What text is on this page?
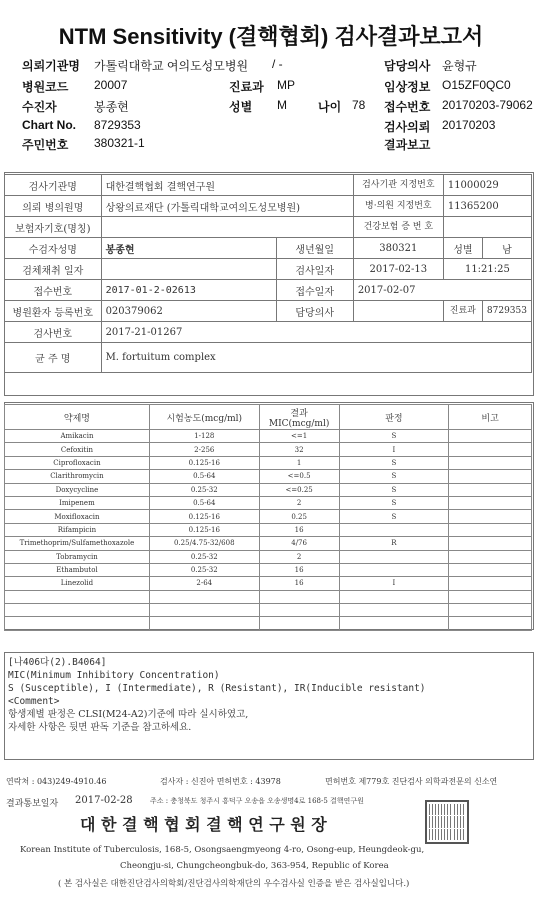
NTM Sensitivity (결핵협회) 검사결과보고서
의뢰기관명 가톨릭대학교 여의도성모병원 / -
병원코드 20007
수진자	봉종현
Chart No. 8729353
주민번호 380321-1
진료과 MP
성별 M	나이 78
담당의사 윤형규
임상정보 O15ZF0QC0
접수번호 20170203-79062
검사의뢰 20170203
결과보고
검사기관명	대한결핵협회 결핵연구원		검사기관 지정번호	11000029	
의뢰 병의원명	상왕의료재단 (가톨릭대학교여의도성모병원)		병·의원 지정번호	11365200	
보험자기호(명칭)			건강보험 증 번 호		
수검자성명	봉종현	생년월일	380321	성별	남
검체채취 일자		검사일자	2017-02-13	11:21:25	
접수번호	2017-01-2-02613	접수일자	2017-02-07		
병원환자 등록번호	020379062	담당의사		진료과	8729353
검사번호	2017-21-01267				
균 주 명	M. fortuitum complex				
약제명	시험농도(mcg/ml)	결과 MIC(mcg/ml)	판정	비고
Amikacin	1-128	<=1	S	
Cefoxitin	2-256	32	I	
Ciprofloxacin	0.125-16	1	S	
Clarithromycin	0.5-64	<=0.5	S	
Doxycycline	0.25-32	<=0.25	S	
Imipenem	0.5-64	2	S	
Moxifloxacin	0.125-16	0.25	S	
Rifampicin	0.125-16	16		
Trimethoprim/Sulfamethoxazole	0.25/4.75-32/608	4/76	R	
Tobramycin	0.25-32	2		
Ethambutol	0.25-32	16		
Linezolid	2-64	16	I	

[나406다(2).B4064]
MIC(Minimum Inhibitory Concentration)
S (Susceptible), I (Intermediate), R (Resistant), IR(Inducible resistant)
<Comment>
항생제별 판정은 CLSI(M24-A2)기준에 따라 실시하였고,
자세한 사항은 뒷면 판독 기준을 참고하세요.
연락처 : 043)249-4910.46	검사자 : 신진아 면허번호 : 43978	면허번호 제779호 진단검사 의학과전문의 신소연
결과통보일자 2017-02-28 주소 : 충청북도 청주시 흥덕구 오송읍 오송생명4로 168-5 결핵연구원
대 한 결 핵 협 회 결 핵 연 구 원 장
Korean Institute of Tuberculosis, 168-5, Osongsaengmyeong 4-ro, Osong-eup, Heungdeok-gu,
Cheongju-si, Chungcheongbuk-do, 363-954, Republic of Korea
( 본 검사실은 대한진단검사의학회/진단검사의학재단의 우수검사실 인증을 받은 검사실입니다.)
